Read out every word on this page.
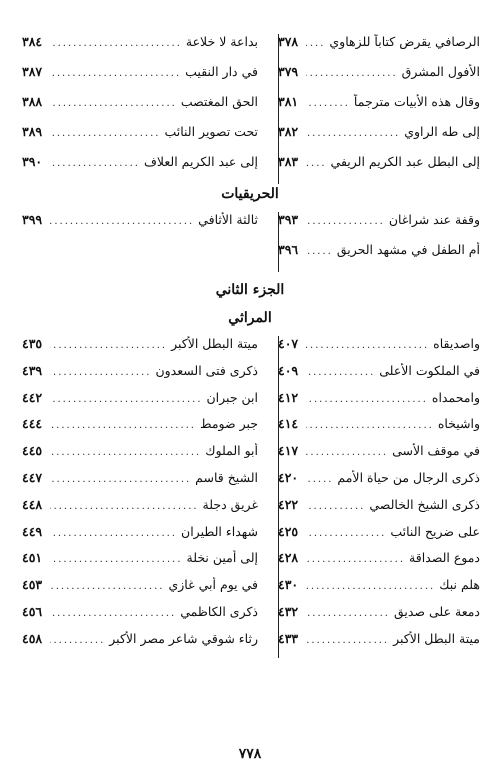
الرصافي يقرض كتاباً للزهاوي
.....
٣٧٨
الأفول المشرق
.....
٣٧٩
وقال هذه الأبيات مترجماً
.....
٣٨١
إلى طه الراوي
.....
٣٨٢
إلى البطل عبد الكريم الريفي
.....
٣٨٣
بداعة لا خلاعة
.....
٣٨٤
في دار النقيب
.....
٣٨٧
الحق المغتصب
.....
٣٨٨
تحت تصوير النائب
.....
٣٨٩
إلى عبد الكريم العلاف
.....
٣٩٠
الحريقيات
وقفة عند شراغان
.....
٣٩٣
أم الطفل في مشهد الحريق
.....
٣٩٦
ثالثة الأثافي
.....
٣٩٩
الجزء الثاني
المراثي
واصديقاه
.....
٤٠٧
في الملكوت الأعلى
.....
٤٠٩
وامحمداه
.....
٤١٢
واشيخاه
.....
٤١٤
في موقف الأسى
.....
٤١٧
ذكرى الرجال من حياة الأمم
.....
٤٢٠
ذكرى الشيخ الخالصي
.....
٤٢٢
على ضريح النائب
.....
٤٢٥
دموع الصداقة
.....
٤٢٨
هلم نبك
.....
٤٣٠
دمعة على صديق
.....
٤٣٢
ميتة البطل الأكبر
.....
٤٣٣
ميتة البطل الأكبر
.....
٤٣٥
ذكرى فتى السعدون
.....
٤٣٩
ابن جبران
.....
٤٤٢
جبر ضومط
.....
٤٤٤
أبو الملوك
.....
٤٤٥
الشيخ قاسم
.....
٤٤٧
غريق دجلة
.....
٤٤٨
شهداء الطيران
.....
٤٤٩
إلى أمين نخلة
.....
٤٥١
في يوم أبي غازي
.....
٤٥٣
ذكرى الكاظمي
.....
٤٥٦
رثاء شوقي شاعر مصر الأكبر
.....
٤٥٨
٧٧٨
